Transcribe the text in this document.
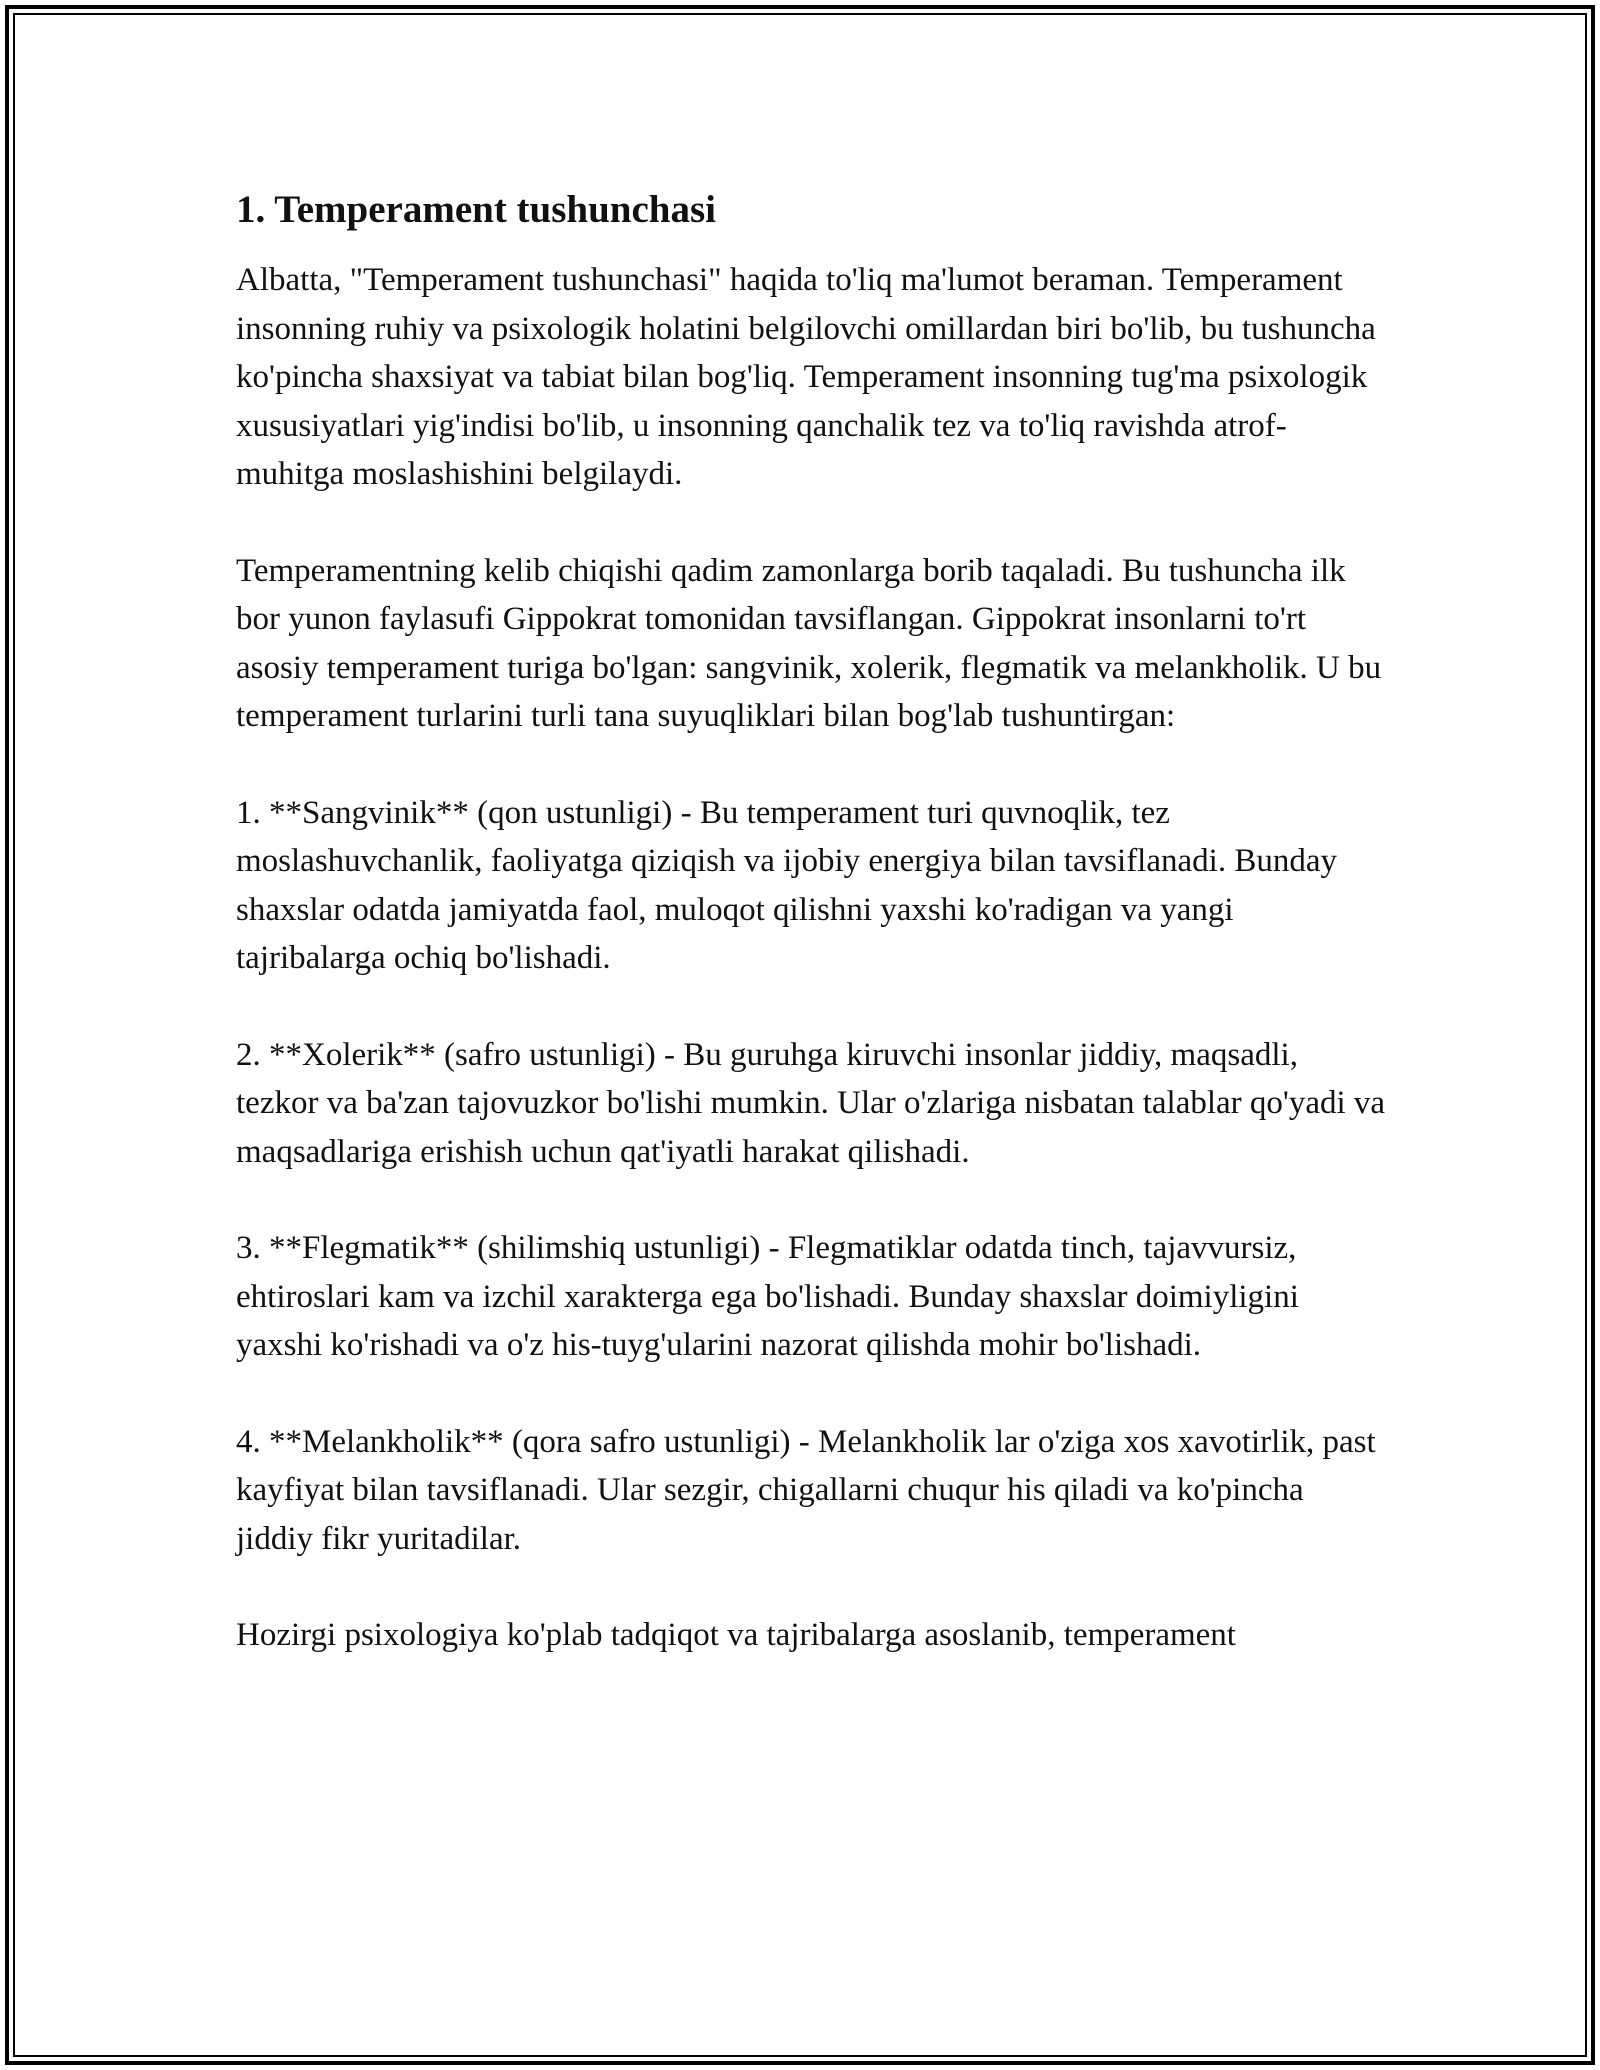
1. Temperament tushunchasi

Albatta, "Temperament tushunchasi" haqida to'liq ma'lumot beraman. Temperament insonning ruhiy va psixologik holatini belgilovchi omillardan biri bo'lib, bu tushuncha ko'pincha shaxsiyat va tabiat bilan bog'liq. Temperament insonning tug'ma psixologik xususiyatlari yig'indisi bo'lib, u insonning qanchalik tez va to'liq ravishda atrof-muhitga moslashishini belgilaydi.

Temperamentning kelib chiqishi qadim zamonlarga borib taqaladi. Bu tushuncha ilk bor yunon faylasufi Gippokrat tomonidan tavsiflangan. Gippokrat insonlarni to'rt asosiy temperament turiga bo'lgan: sangvinik, xolerik, flegmatik va melankholik. U bu temperament turlarini turli tana suyuqliklari bilan bog'lab tushuntirgan:

1. **Sangvinik** (qon ustunligi) - Bu temperament turi quvnoqlik, tez moslashuvchanlik, faoliyatga qiziqish va ijobiy energiya bilan tavsiflanadi. Bunday shaxslar odatda jamiyatda faol, muloqot qilishni yaxshi ko'radigan va yangi tajribalarga ochiq bo'lishadi.

2. **Xolerik** (safro ustunligi) - Bu guruhga kiruvchi insonlar jiddiy, maqsadli, tezkor va ba'zan tajovuzkor bo'lishi mumkin. Ular o'zlariga nisbatan talablar qo'yadi va maqsadlariga erishish uchun qat'iyatli harakat qilishadi.

3. **Flegmatik** (shilimshiq ustunligi) - Flegmatiklar odatda tinch, tajavvursiz, ehtiroslari kam va izchil xarakterga ega bo'lishadi. Bunday shaxslar doimiyligini yaxshi ko'rishadi va o'z his-tuyg'ularini nazorat qilishda mohir bo'lishadi.

4. **Melankholik** (qora safro ustunligi) - Melankholik lar o'ziga xos xavotirlik, past kayfiyat bilan tavsiflanadi. Ular sezgir, chigallarni chuqur his qiladi va ko'pincha jiddiy fikr yuritadilar.

Hozirgi psixologiya ko'plab tadqiqot va tajribalarga asoslanib, temperament
